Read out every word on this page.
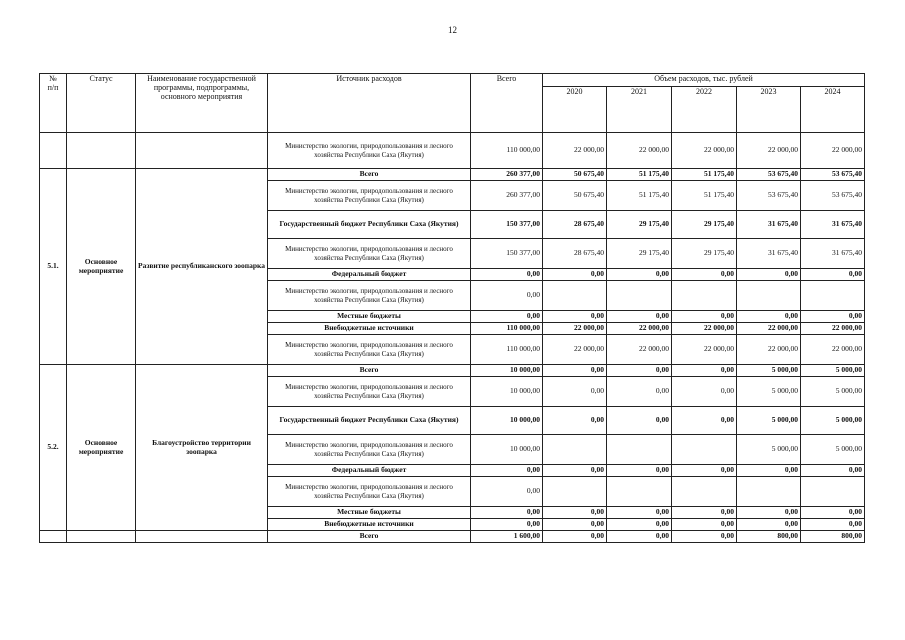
12
№
п/п	Статус	Наименование государственной программы, подпрограммы, основного мероприятия	Источник расходов	Всего	Объем расходов, тыс. рублей				
					2020	2021	2022	2023	2024
			Министерство экологии, природопользования и лесного хозяйства Республики Саха (Якутия)	110 000,00	22 000,00	22 000,00	22 000,00	22 000,00	22 000,00
5.1.	Основное мероприятие	Развитие республиканского зоопарка	Всего	260 377,00	50 675,40	51 175,40	51 175,40	53 675,40	53 675,40
			Министерство экологии, природопользования и лесного хозяйства Республики Саха (Якутия)	260 377,00	50 675,40	51 175,40	51 175,40	53 675,40	53 675,40
			Государственный бюджет Республики Саха (Якутия)	150 377,00	28 675,40	29 175,40	29 175,40	31 675,40	31 675,40
			Министерство экологии, природопользования и лесного хозяйства Республики Саха (Якутия)	150 377,00	28 675,40	29 175,40	29 175,40	31 675,40	31 675,40
			Федеральный бюджет	0,00	0,00	0,00	0,00	0,00	0,00
			Министерство экологии, природопользования и лесного хозяйства Республики Саха (Якутия)	0,00					
			Местные бюджеты	0,00	0,00	0,00	0,00	0,00	0,00
			Внебюджетные источники	110 000,00	22 000,00	22 000,00	22 000,00	22 000,00	22 000,00
			Министерство экологии, природопользования и лесного хозяйства Республики Саха (Якутия)	110 000,00	22 000,00	22 000,00	22 000,00	22 000,00	22 000,00
5.2.	Основное мероприятие	Благоустройство территории зоопарка	Всего	10 000,00	0,00	0,00	0,00	5 000,00	5 000,00
			Министерство экологии, природопользования и лесного хозяйства Республики Саха (Якутия)	10 000,00	0,00	0,00	0,00	5 000,00	5 000,00
			Государственный бюджет Республики Саха (Якутия)	10 000,00	0,00	0,00	0,00	5 000,00	5 000,00
			Министерство экологии, природопользования и лесного хозяйства Республики Саха (Якутия)	10 000,00				5 000,00	5 000,00
			Федеральный бюджет	0,00	0,00	0,00	0,00	0,00	0,00
			Министерство экологии, природопользования и лесного хозяйства Республики Саха (Якутия)	0,00					
			Местные бюджеты	0,00	0,00	0,00	0,00	0,00	0,00
			Внебюджетные источники	0,00	0,00	0,00	0,00	0,00	0,00
			Всего	1 600,00	0,00	0,00	0,00	800,00	800,00
